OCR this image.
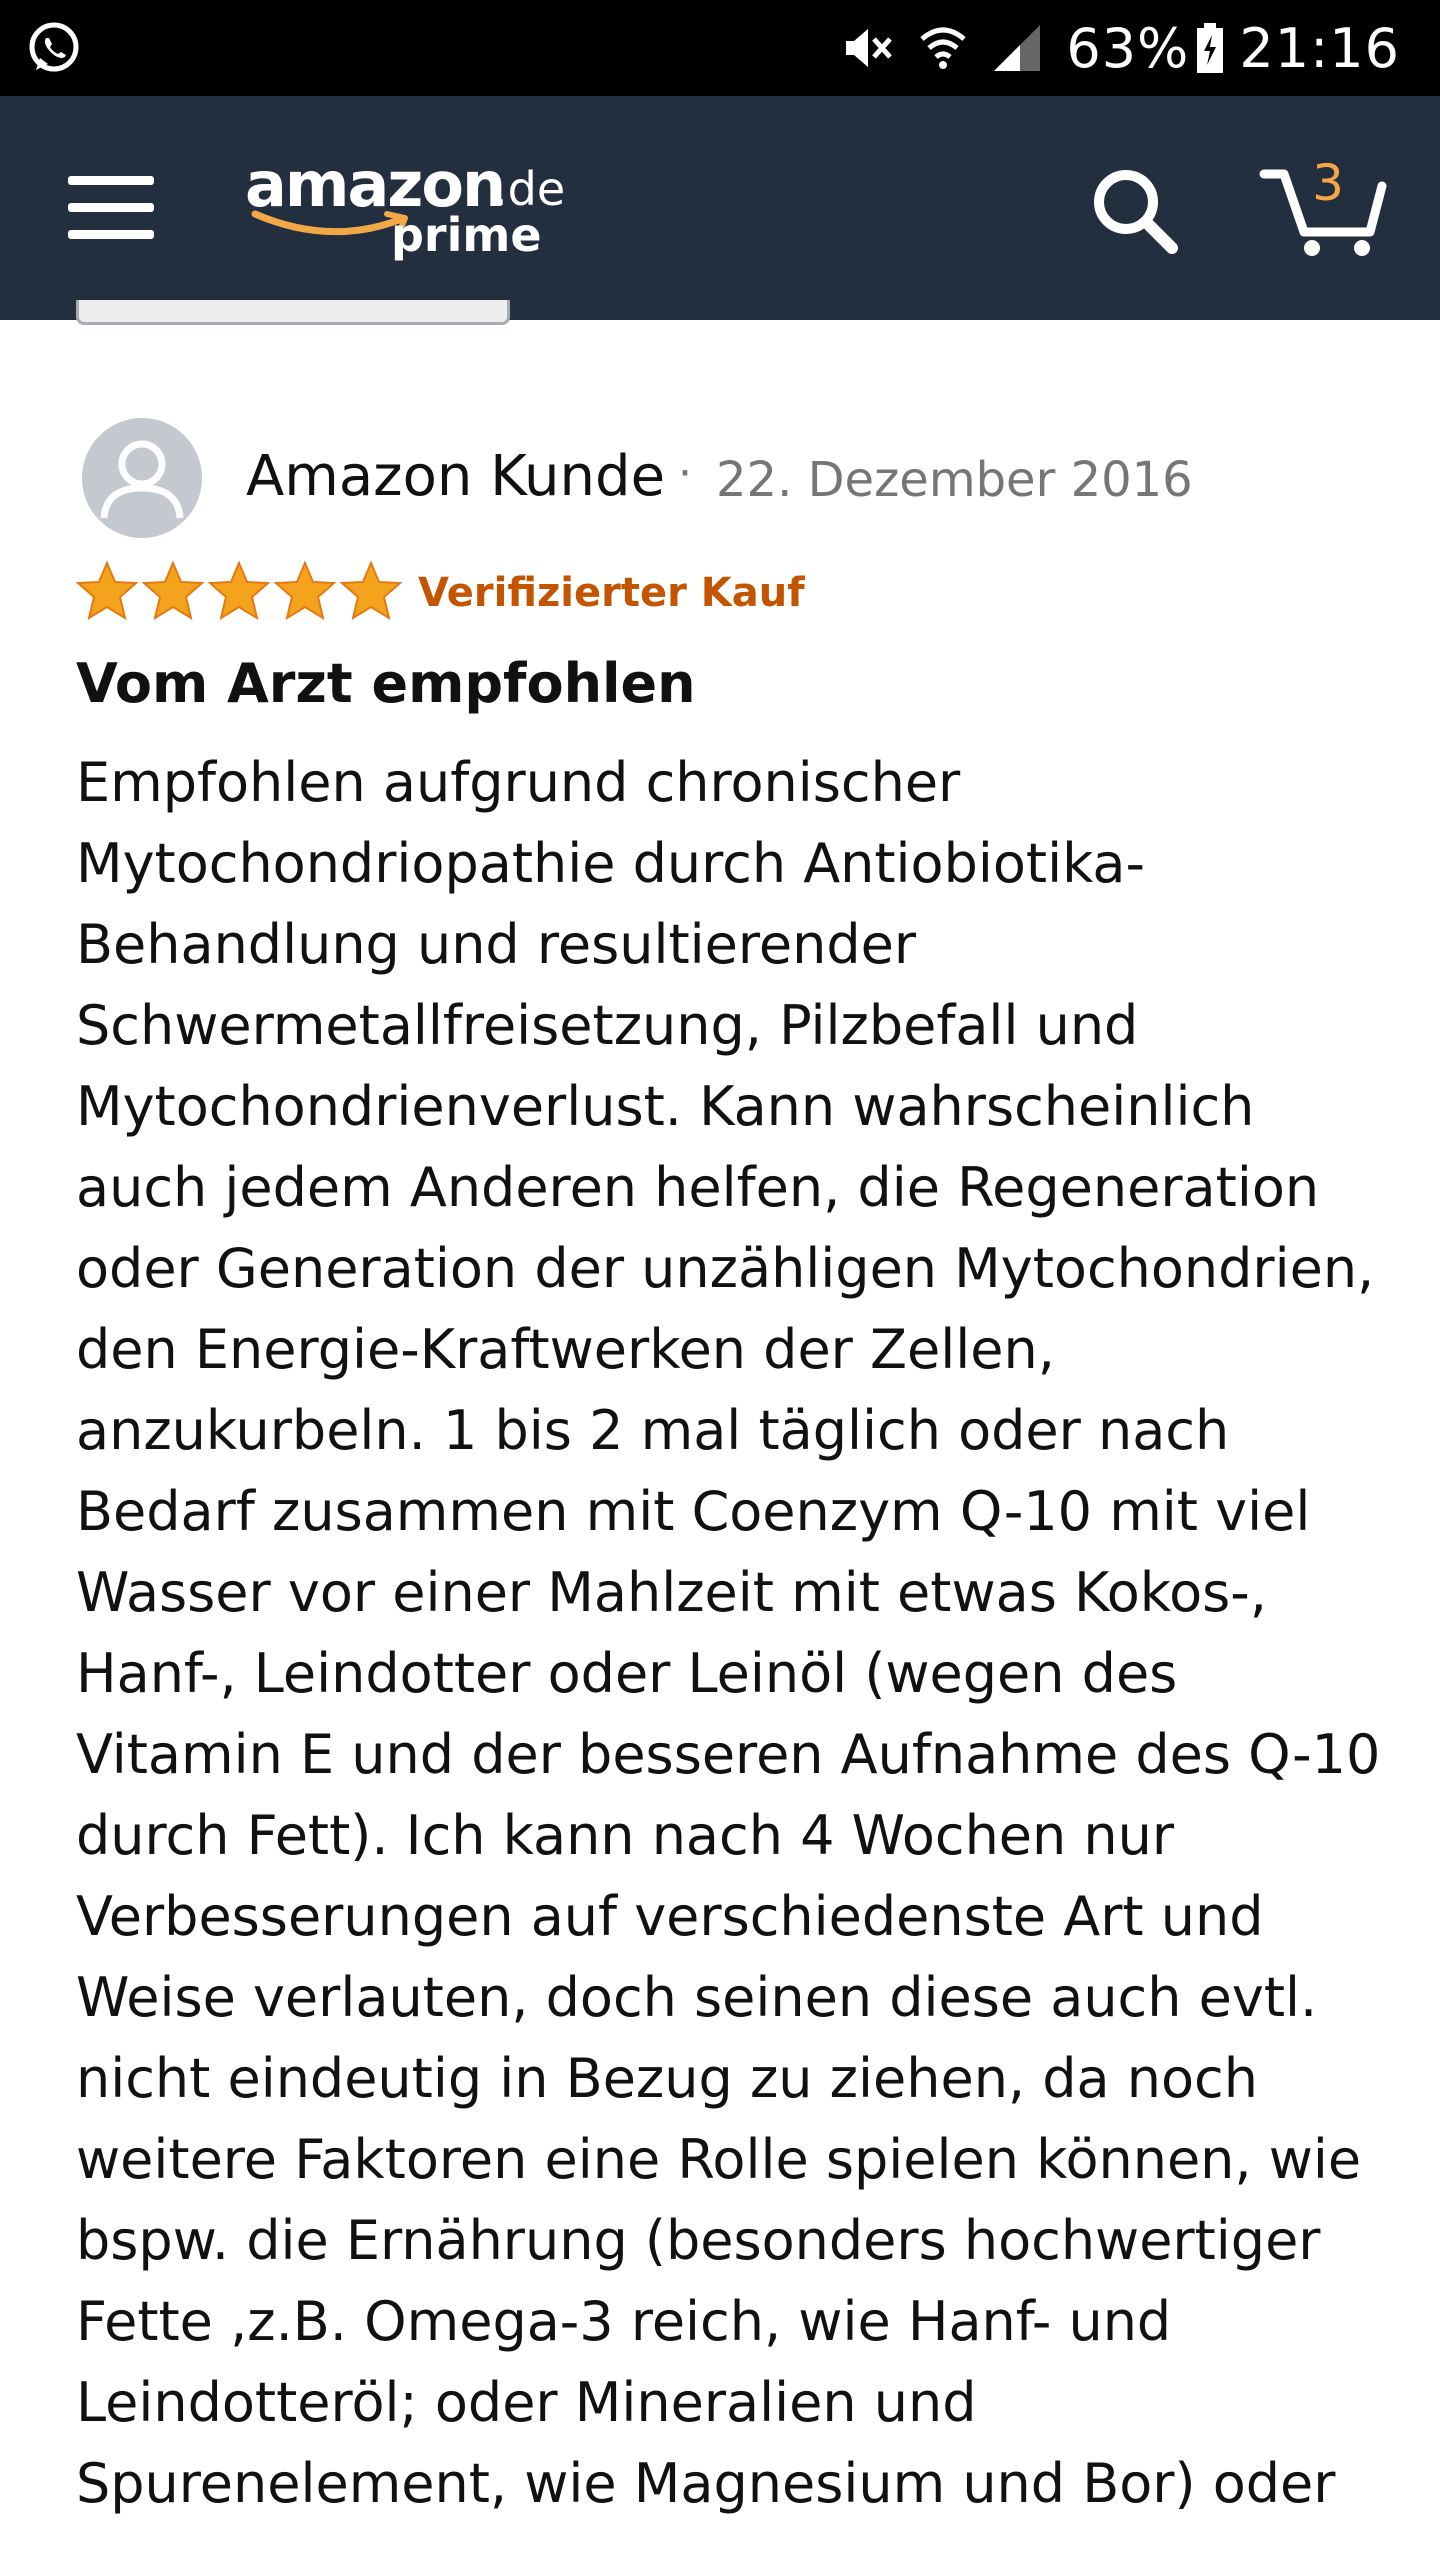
63% 21:16
amazon
.de
prime
3
Amazon Kunde · 22. Dezember 2016
Verifizierter Kauf
Vom Arzt empfohlen

Empfohlen aufgrund chronischer Mytochondriopathie durch Antiobiotika-Behandlung und resultierender Schwermetallfreisetzung, Pilzbefall und Mytochondrienverlust. Kann wahrscheinlich auch jedem Anderen helfen, die Regeneration oder Generation der unzähligen Mytochondrien, den Energie-Kraftwerken der Zellen, anzukurbeln. 1 bis 2 mal täglich oder nach Bedarf zusammen mit Coenzym Q-10 mit viel Wasser vor einer Mahlzeit mit etwas Kokos-, Hanf-, Leindotter oder Leinöl (wegen des Vitamin E und der besseren Aufnahme des Q-10 durch Fett). Ich kann nach 4 Wochen nur Verbesserungen auf verschiedenste Art und Weise verlauten, doch seinen diese auch evtl. nicht eindeutig in Bezug zu ziehen, da noch weitere Faktoren eine Rolle spielen können, wie bspw. die Ernährung (besonders hochwertiger Fette ,z.B. Omega-3 reich, wie Hanf- und Leindotteröl; oder Mineralien und Spurenelement, wie Magnesium und Bor) oder
